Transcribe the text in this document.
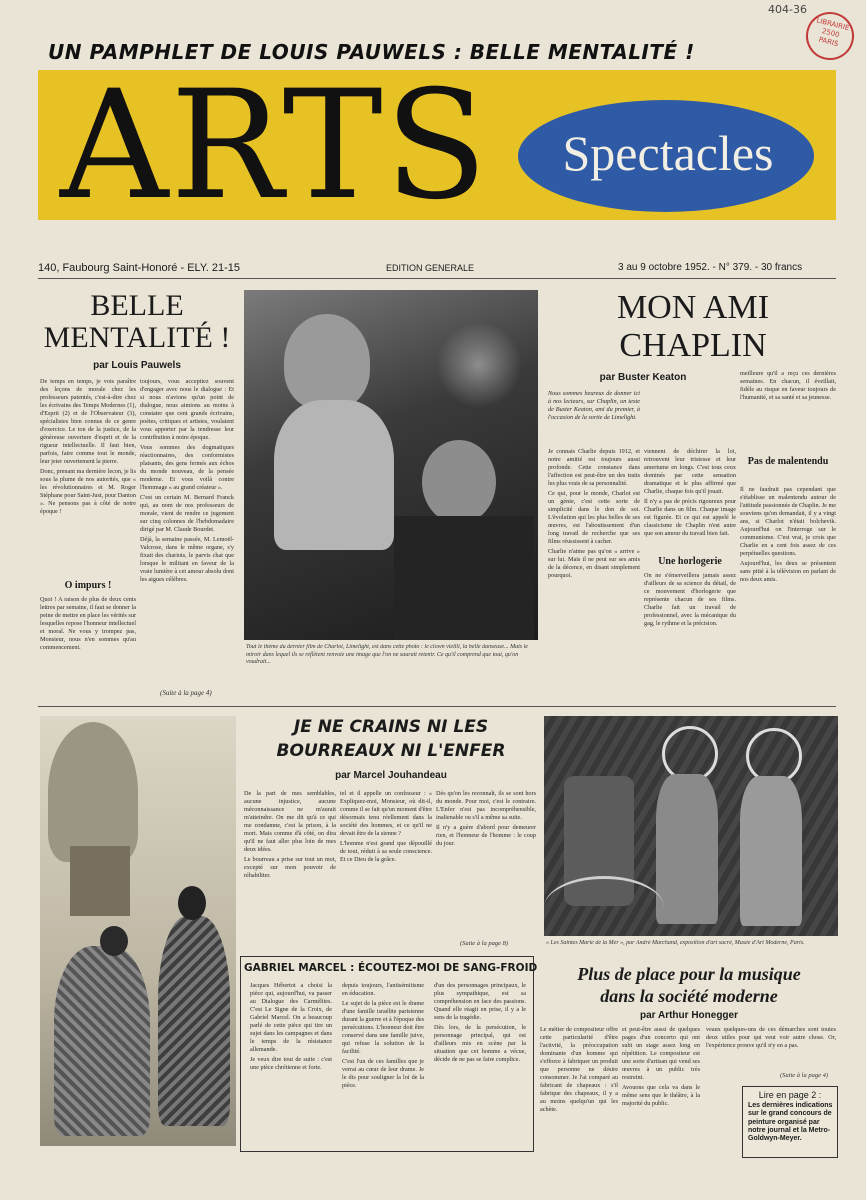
404-36
LIBRAIRIE
2500
PARIS
UN PAMPHLET DE LOUIS PAUWELS : BELLE MENTALITÉ !
ARTS Spectacles
140, Faubourg Saint-Honoré - ELY. 21-15	EDITION GENERALE	3 au 9 octobre 1952. - N° 379. - 30 francs
BELLE
MENTALITÉ !
par Louis Pauwels

De temps en temps, je vois paraître des leçons de morale chez les professeurs patentés, c'est-à-dire chez les écrivains des Temps Modernes (1), d'Esprit (2) et de l'Observateur (3), spécialistes bien connus de ce genre d'exercice. Le ton de la justice, de la généreuse ouverture d'esprit et de la rigueur intellectuelle. Il faut bien, parfois, faire comme tout le monde, leur jeter ouvertement la pierre.

Donc, prenant ma dernière lecon, je lis sous la plume de nos autorités, que « les révolutionnaires et M. Roger Stéphane pour Saint-Just, pour Danton ». Ne pensons pas à côté de notre époque !

Quoi ! A raison de plus de deux cents lettres par semaine, il faut se donner la peine de mettre en place les vérités sur lesquelles repose l'honneur intellectuel et moral. Ne vous y trompez pas, Monsieur, nous n'en sommes qu'au commencement.

O impurs !

toujours, vous acceptiez souvent d'engager avec nous le dialogue : Et si nous n'avions qu'un point de dialogue, nous aimions au moins à constater que cent grands écrivains, poètes, critiques et artistes, voulaient vous apporter par la tendresse leur contribution à notre époque.

Vous sommes des dogmatiques réactionnaires, des conformistes plaisants, des gens fermés aux échos du monde nouveau, de la pensée moderne. Et vous voilà contre l'hommage « au grand créateur ».

C'est un certain M. Bernard Franck qui, au nom de nos professeurs de morale, vient de rendre ce jugement sur cinq colonnes de l'hebdomadaire dirigé par M. Claude Bourdet.

Déjà, la semaine passée, M. Lemoël-Valcrose, dans le même organe, s'y fixait des chariots, le parvis chat que lorsque le militant en faveur de la vraie lumière à cet amour absolu dont les aigues célèbres.

(Suite à la page 4)
Tout le thème du dernier film de Charlot, Limelight, est dans cette photo : le clown vieilli, la belle danseuse... Mais le miroir dans lequel ils se reflètent renvoie une image que l'on ne saurait retenir. Ce qu'il comprend que tout, qu'on voudrait...
MON AMI
CHAPLIN
par Buster Keaton

Nous sommes heureux de donner ici à nos lecteurs, sur Chaplin, un texte de Buster Keaton, ami du premier, à l'occasion de la sortie de Limelight.

Je connais Charlie depuis 1912, et notre amitié est toujours aussi profonde. Cette constance dans l'affection est peut-être un des traits les plus vrais de sa personnalité.

Ce qui, pour le monde, Charlot est un génie, c'est cette sorte de simplicité dans le don de soi. L'évolution qui les plus belles de ses œuvres, est l'aboutissement d'un long travail de recherche que ses films réussissent à cacher.

Charlie n'aime pas qu'on « arrive » sur lui. Mais il ne peut sur ses amis de la décence, en disant simplement pourquoi.

viennent de déchirer la loi, retrouvent leur tristesse et leur amertume en longs. C'est tous ceux dominés par cette sensation dramatique et le plus affirmé que Charlie, chaque fois qu'il jouait.

Il n'y a pas de précis rigoureux pour Charlie dans un film. Chaque image est figurée. Et ce qui est appelé le classicisme de Chaplin n'est autre que son amour du travail bien fait.

Une horlogerie

On ne s'émerveillera jamais assez d'ailleurs de sa science du détail, de ce mouvement d'horlogerie que représente chacun de ses films. Charlie fait un travail de professionnel, avec la mécanique du gag, le rythme et la précision.

meilleure qu'il a reçu ces dernières semaines. En chacun, il éveillait, fidèle au risque en faveur toujours de l'humanité, et sa santé et sa jeunesse.

Pas de malentendu

Il ne faudrait pas cependant que s'établisse un malentendu autour de l'attitude passionnée de Chaplin. Je me souviens qu'on demandait, il y a vingt ans, si Charlot n'était bolchevik. Aujourd'hui on l'interroge sur le communisme. C'est vrai, je crois que Charlie en a cent fois assez de ces perpétuelles questions.

Aujourd'hui, les deux se présentent sans pitié à la télévision en parlant de nos deux amis.

JE NE CRAINS NI LES
BOURREAUX NI L'ENFER
par Marcel Jouhandeau

De la part de mes semblables, aucune injustice, aucune méconnaissance ne m'aurait m'atteindre. On me dit qu'à ce qui me condamne, c'est la prison, à la mort. Mais comme d'à côté, on dira qu'il ne faut aller plus loin de mes deux idées.

Le bourreau a prise sur tout un mot, excepté sur mon pouvoir de réhabiliter.

tel et il appelle un confesseur : « Expliquez-moi, Monsieur, où dit-il, comme il se fait qu'un moment d'être désormais tenu réellement dans la société des hommes, et ce qu'il ne devait être de la sienne ?

L'homme n'est grand que dépouillé de tout, réduit à sa seule conscience. Et ce Dieu de la grâce.

Dès qu'on les reconnaît, ils se sont hors du monde. Pour moi, c'est le contraire. L'Enfer n'est pas incompréhensible, inalienable ou s'il a même sa suite.

Il n'y a guère d'abord pour demeurer rien, et l'honneur de l'homme : le coup du jour.

(Suite à la page 8)	« Les Saintes Marie de la Mer », par André Marchand, exposition d'art sacré, Musée d'Art Moderne, Paris.
GABRIEL MARCEL : ÉCOUTEZ-MOI DE SANG-FROID

Jacques Hébertot a choisi la pièce qui, aujourd'hui, va passer au Dialogue des Carmélites. C'est Le Signe de la Croix, de Gabriel Marcel. On a beaucoup parlé de cette pièce qui tire un sujet dans les campagnes et dans le temps de la résistance allemande.

Je veux dire tout de suite : c'est une pièce chrétienne et forte.

depuis toujours, l'antisémitisme en éducation.

Le sujet de la pièce est le drame d'une famille israélite parisienne durant la guerre et à l'époque des persécutions. L'honneur doit être conservé dans une famille juive, qui refuse la solution de la facilité.

C'est l'un de ces familles que je verrai au cœur de leur drame. Je le dis pour souligner la loi de la pièce.

d'un des personnages principaux, le plus sympathique, est sa compréhension en face des passions. Quand elle réagit en prise, il y a le sens de la tragédie.

Dès lors, de la persécution, le personnage principal, qui est d'ailleurs mis en scène par la situation que cet homme a vécue, décide de ne pas se faire complice.

Plus de place pour la musique
dans la société moderne
par Arthur Honegger

Le métier de compositeur offre cette particularité d'être l'activité, la préoccupation dominante d'un homme qui s'efforce à fabriquer un produit que personne ne désire consommer. Je l'ai comparé au fabricant de chapeaux : s'il fabrique des chapeaux, il y a au moins quelqu'un qui les achète.

et peut-être aussi de quelques pages d'un concerto qui ont subi un stage assez long en répétition. Le compositeur est une sorte d'artisan qui vend ses œuvres à un public très restreint.

Avouons que cela va dans le même sens que le théâtre, à la majorité du public.

veaux quelques-uns de ces démarches sont toutes deux utiles pour qui veut voir autre chose. Or, l'expérience prouve qu'il n'y en a pas.

(Suite à la page 4)
Lire en page 2 :
Les dernières indications sur le grand concours de peinture organisé par notre journal et la Metro-Goldwyn-Meyer.
